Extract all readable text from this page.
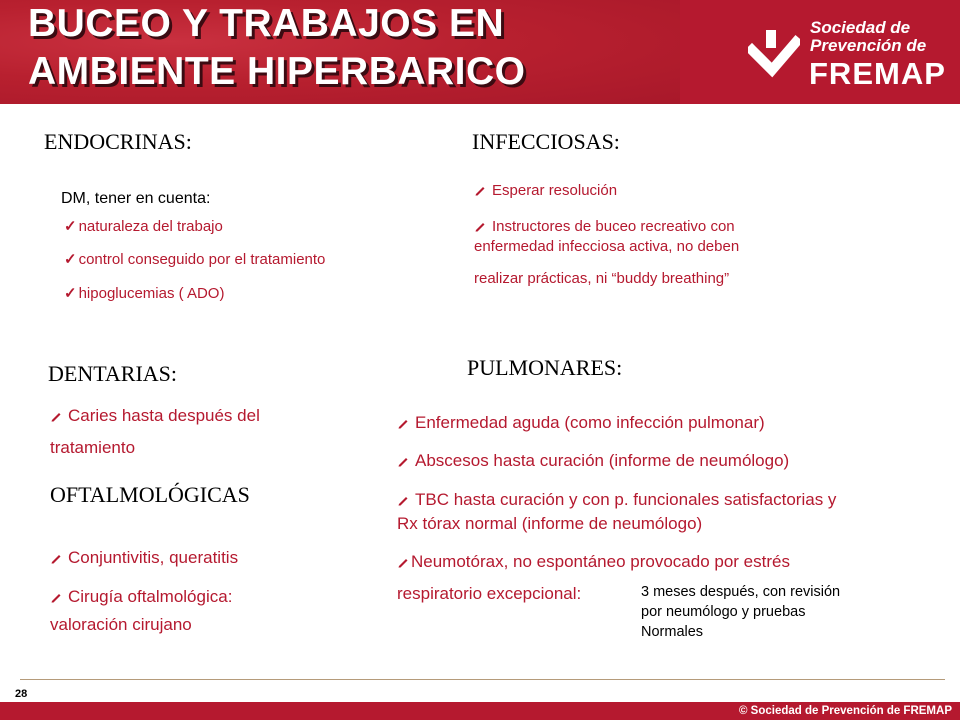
BUCEO Y TRABAJOS EN
AMBIENTE HIPERBARICO
Sociedad de
Prevención de
FREMAP
ENDOCRINAS:
DM, tener en cuenta:
✓ naturaleza del trabajo
✓ control conseguido por el tratamiento
✓ hipoglucemias ( ADO)
INFECCIOSAS:
Esperar resolución
Instructores de buceo recreativo con
enfermedad infecciosa activa, no deben
realizar prácticas, ni “buddy breathing”
DENTARIAS:
Caries hasta después del
tratamiento
OFTALMOLÓGICAS
Conjuntivitis, queratitis
Cirugía oftalmológica:
valoración cirujano
PULMONARES:
Enfermedad aguda (como infección pulmonar)
Abscesos hasta curación (informe de neumólogo)
TBC hasta curación y con p. funcionales satisfactorias y
Rx tórax normal (informe de neumólogo)
Neumotórax, no espontáneo provocado por estrés
respiratorio excepcional:	3 meses después, con revisión
por neumólogo y pruebas
Normales
28
© Sociedad de Prevención de FREMAP
